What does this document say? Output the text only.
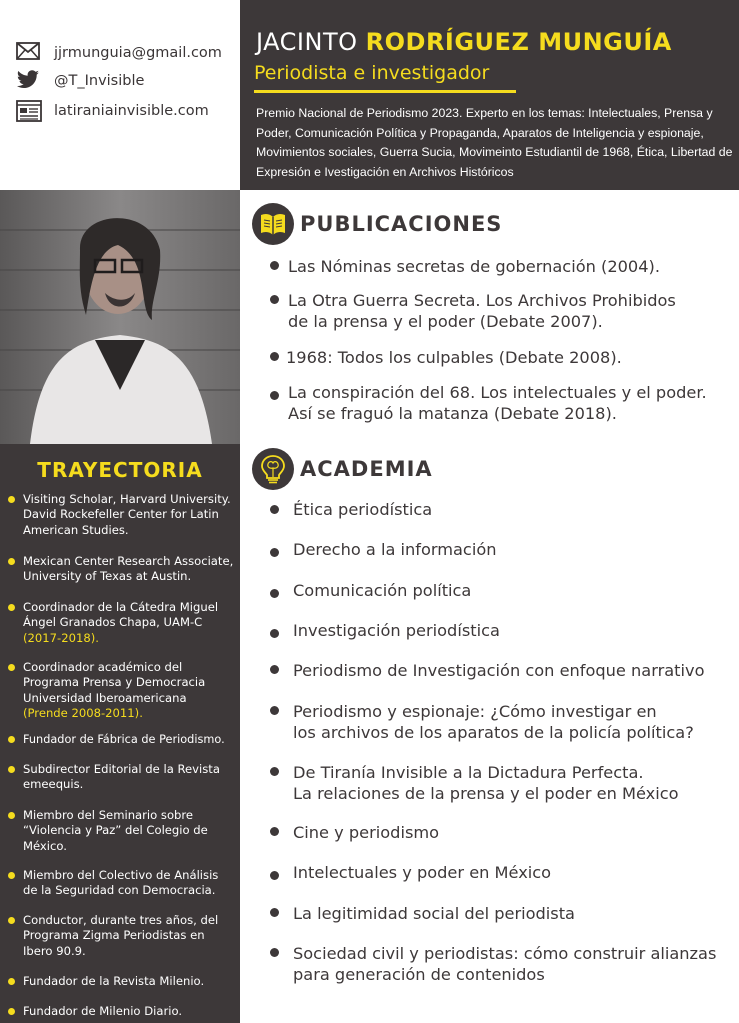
jjrmunguia@gmail.com
@T_Invisible
latiraniainvisible.com
JACINTO RODRÍGUEZ MUNGUÍA
Periodista e investigador
Premio Nacional de Periodismo 2023. Experto en los temas: Intelectuales, Prensa y Poder, Comunicación Política y Propaganda, Aparatos de Inteligencia y espionaje, Movimientos sociales, Guerra Sucia, Movimeinto Estudiantil de 1968, Ética, Libertad de Expresión e Ivestigación en Archivos Históricos
TRAYECTORIA
Visiting Scholar, Harvard University. David Rockefeller Center for Latin American Studies.
Mexican Center Research Associate, University of Texas at Austin.
Coordinador de la Cátedra Miguel Ángel Granados Chapa, UAM-C
(2017-2018).
Coordinador académico del Programa Prensa y Democracia Universidad Iberoamericana
(Prende 2008-2011).
Fundador de Fábrica de Periodismo.
Subdirector Editorial de la Revista emeequis.
Miembro del Seminario sobre “Violencia y Paz” del Colegio de México.
Miembro del Colectivo de Análisis de la Seguridad con Democracia.
Conductor, durante tres años, del Programa Zigma Periodistas en Ibero 90.9.
Fundador de la Revista Milenio.
Fundador de Milenio Diario.
PUBLICACIONES
Las Nóminas secretas de gobernación (2004).
La Otra Guerra Secreta. Los Archivos Prohibidos
de la prensa y el poder (Debate 2007).
1968: Todos los culpables (Debate 2008).
La conspiración del 68. Los intelectuales y el poder.
Así se fraguó la matanza (Debate 2018).
ACADEMIA
Ética periodística
Derecho a la información
Comunicación política
Investigación periodística
Periodismo de Investigación con enfoque narrativo
Periodismo y espionaje: ¿Cómo investigar en
los archivos de los aparatos de la policía política?
De Tiranía Invisible a la Dictadura Perfecta.
La relaciones de la prensa y el poder en México
Cine y periodismo
Intelectuales y poder en México
La legitimidad social del periodista
Sociedad civil y periodistas: cómo construir alianzas
para generación de contenidos
